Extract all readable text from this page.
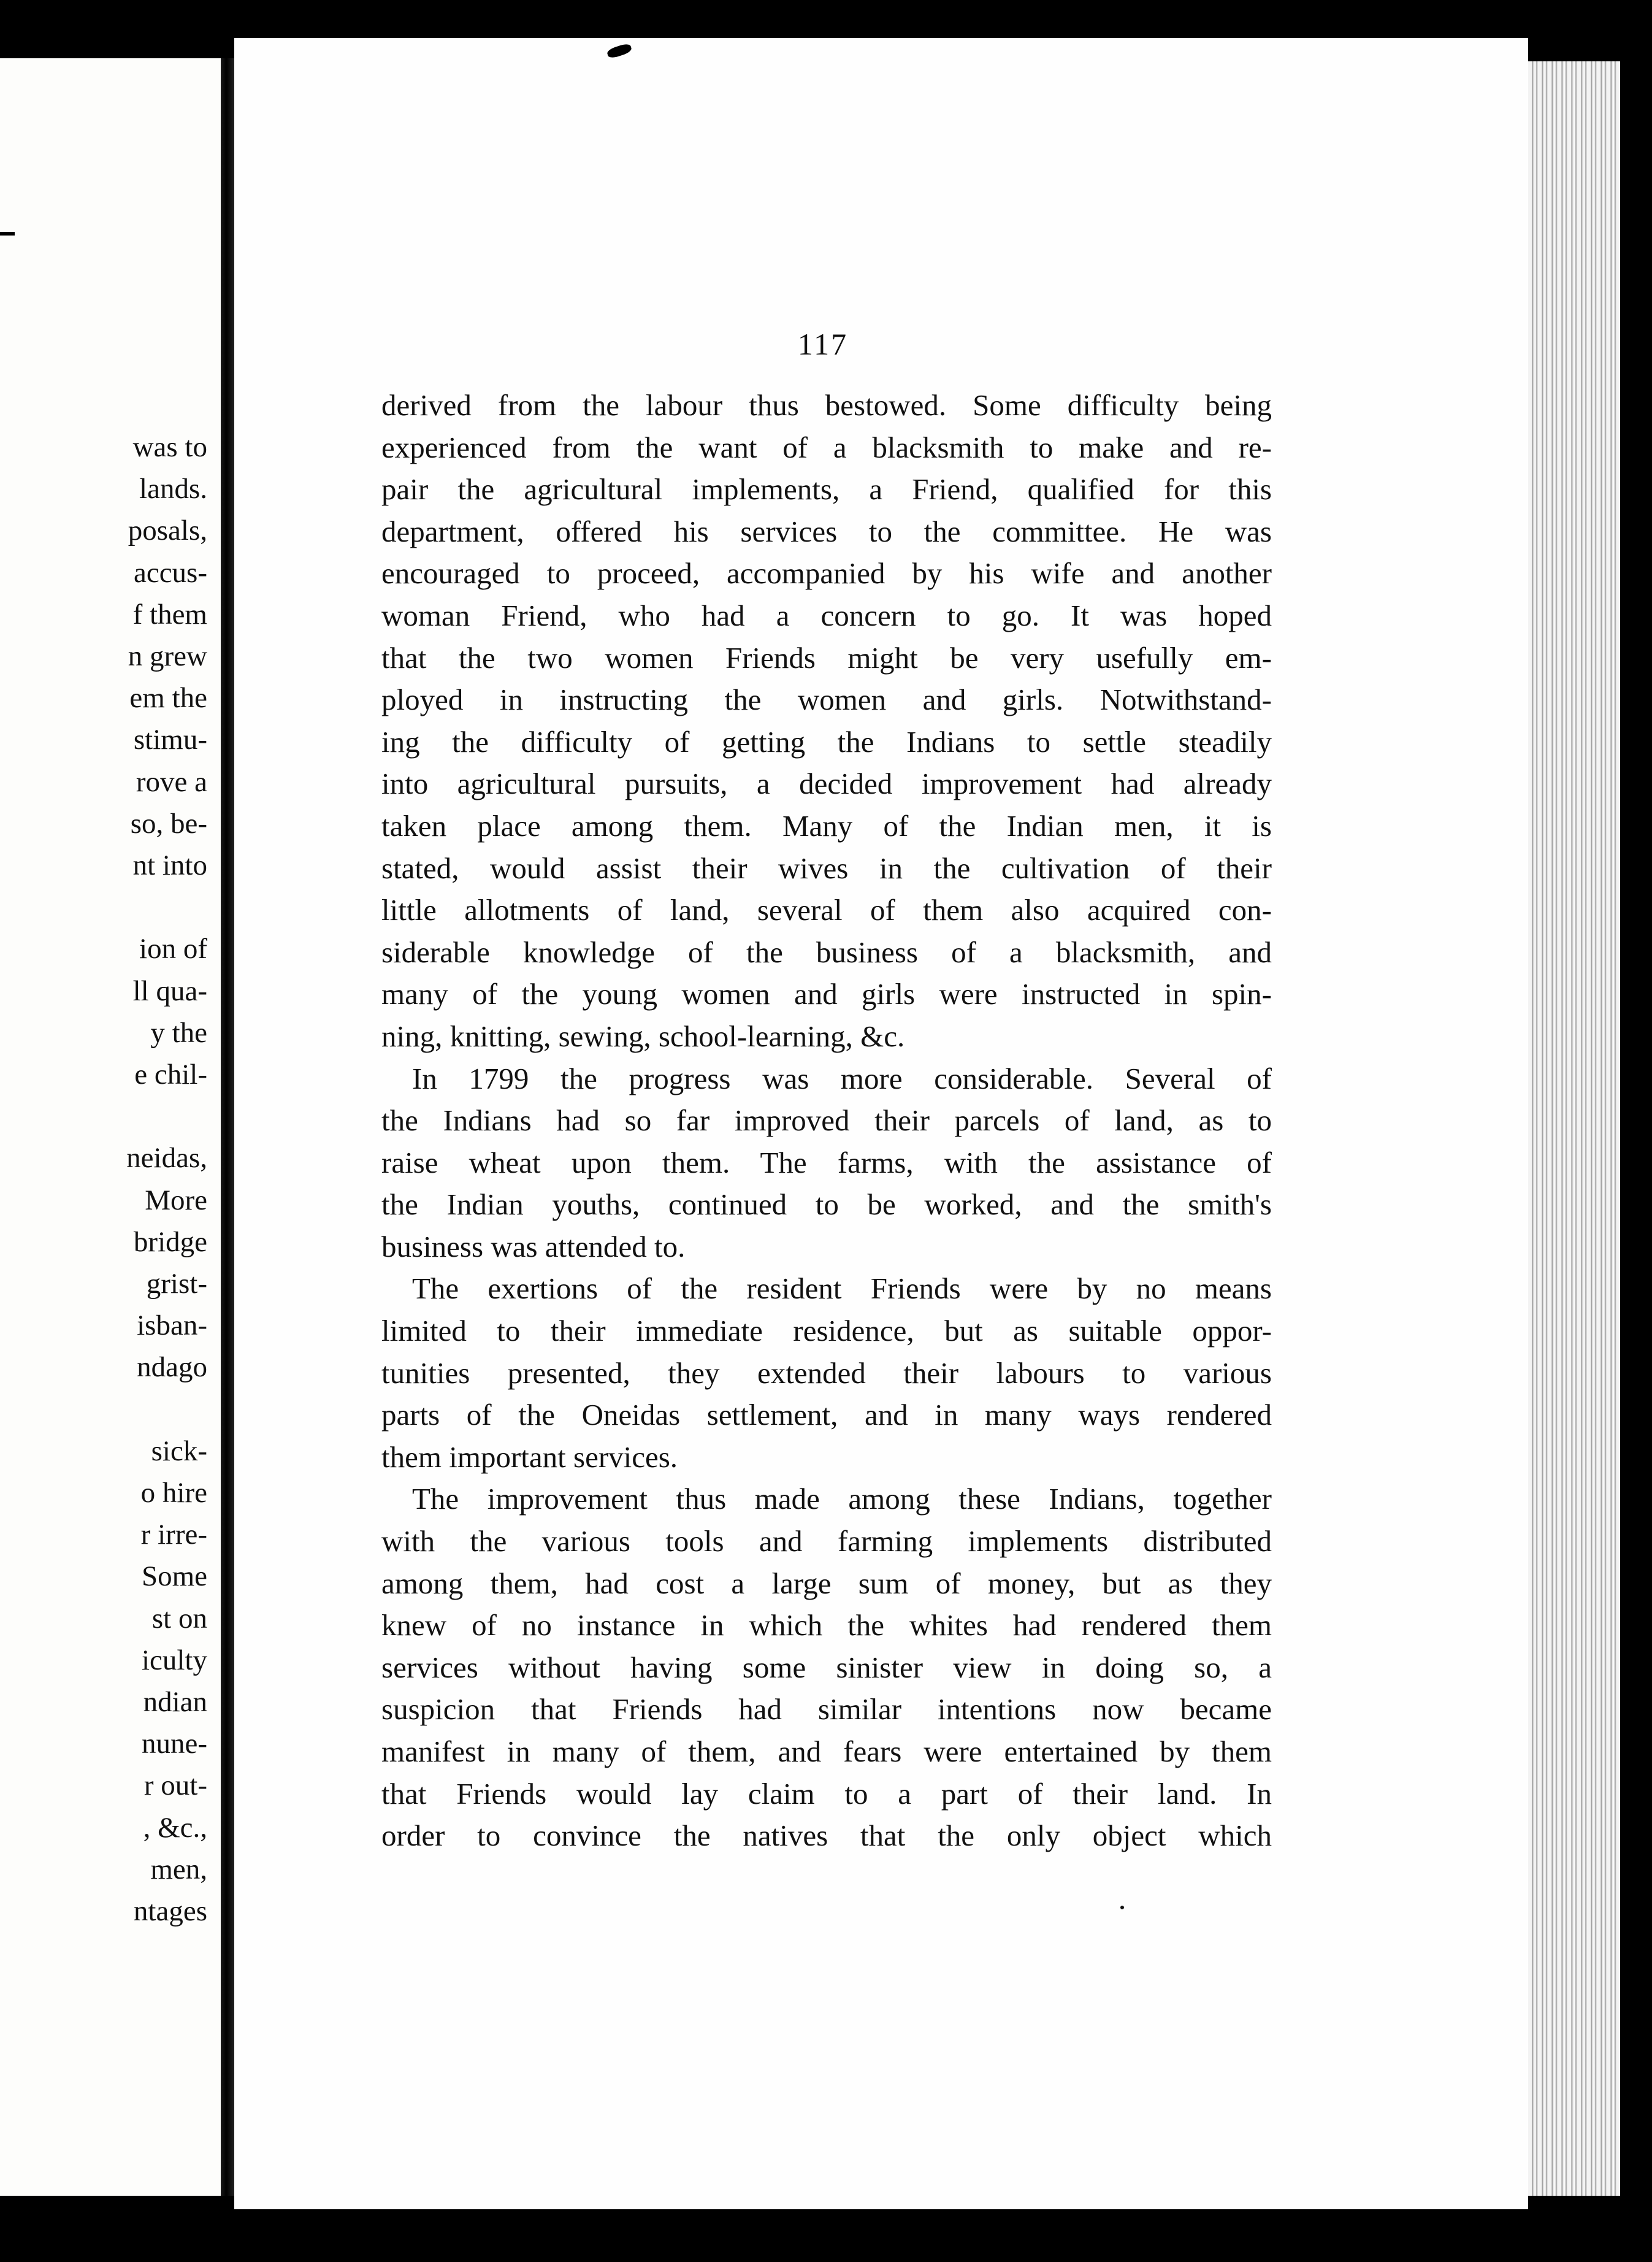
was to
lands.
posals,
accus-
f them
n grew
em the
stimu-
rove a
so, be-
nt into
ion of
ll qua-
y the
e chil-
neidas,
More
bridge
grist-
isban-
ndago
sick-
o hire
r irre-
Some
st on
iculty
ndian
nune-
r out-
, &c.,
men,
ntages
117
derived from the labour thus bestowed. Some difficulty being
experienced from the want of a blacksmith to make and re-
pair the agricultural implements, a Friend, qualified for this
department, offered his services to the committee. He was
encouraged to proceed, accompanied by his wife and another
woman Friend, who had a concern to go. It was hoped
that the two women Friends might be very usefully em-
ployed in instructing the women and girls. Notwithstand-
ing the difficulty of getting the Indians to settle steadily
into agricultural pursuits, a decided improvement had already
taken place among them. Many of the Indian men, it is
stated, would assist their wives in the cultivation of their
little allotments of land, several of them also acquired con-
siderable knowledge of the business of a blacksmith, and
many of the young women and girls were instructed in spin-
ning, knitting, sewing, school-learning, &c.
In 1799 the progress was more considerable. Several of
the Indians had so far improved their parcels of land, as to
raise wheat upon them. The farms, with the assistance of
the Indian youths, continued to be worked, and the smith's
business was attended to.
The exertions of the resident Friends were by no means
limited to their immediate residence, but as suitable oppor-
tunities presented, they extended their labours to various
parts of the Oneidas settlement, and in many ways rendered
them important services.
The improvement thus made among these Indians, together
with the various tools and farming implements distributed
among them, had cost a large sum of money, but as they
knew of no instance in which the whites had rendered them
services without having some sinister view in doing so, a
suspicion that Friends had similar intentions now became
manifest in many of them, and fears were entertained by them
that Friends would lay claim to a part of their land. In
order to convince the natives that the only object which
